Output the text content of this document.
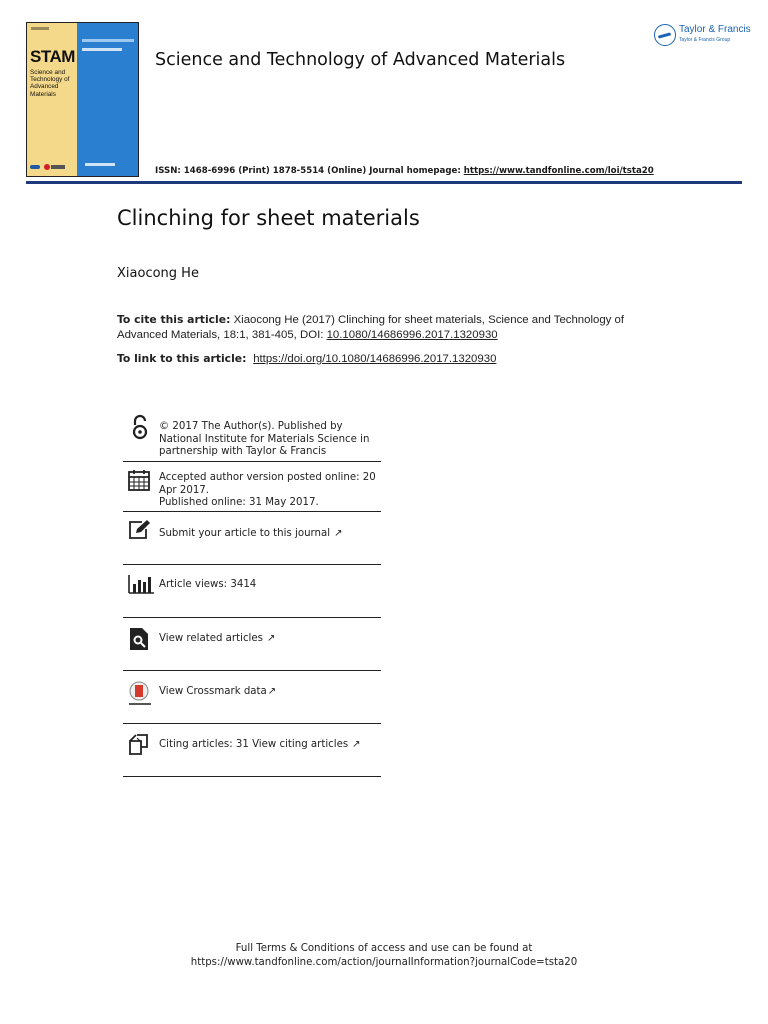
STAM
Science and Technology of Advanced Materials
Science and Technology of Advanced Materials
Taylor & Francis
Taylor & Francis Group
ISSN: 1468-6996 (Print) 1878-5514 (Online) Journal homepage: https://www.tandfonline.com/loi/tsta20
Clinching for sheet materials
Xiaocong He
To cite this article: Xiaocong He (2017) Clinching for sheet materials, Science and Technology of Advanced Materials, 18:1, 381-405, DOI: 10.1080/14686996.2017.1320930
To link to this article: https://doi.org/10.1080/14686996.2017.1320930
© 2017 The Author(s). Published by National Institute for Materials Science in partnership with Taylor & Francis
Accepted author version posted online: 20 Apr 2017.
Published online: 31 May 2017.
Submit your article to this journal ↗
Article views: 3414
View related articles ↗
View Crossmark data↗
Citing articles: 31 View citing articles ↗
Full Terms & Conditions of access and use can be found at
https://www.tandfonline.com/action/journalInformation?journalCode=tsta20
